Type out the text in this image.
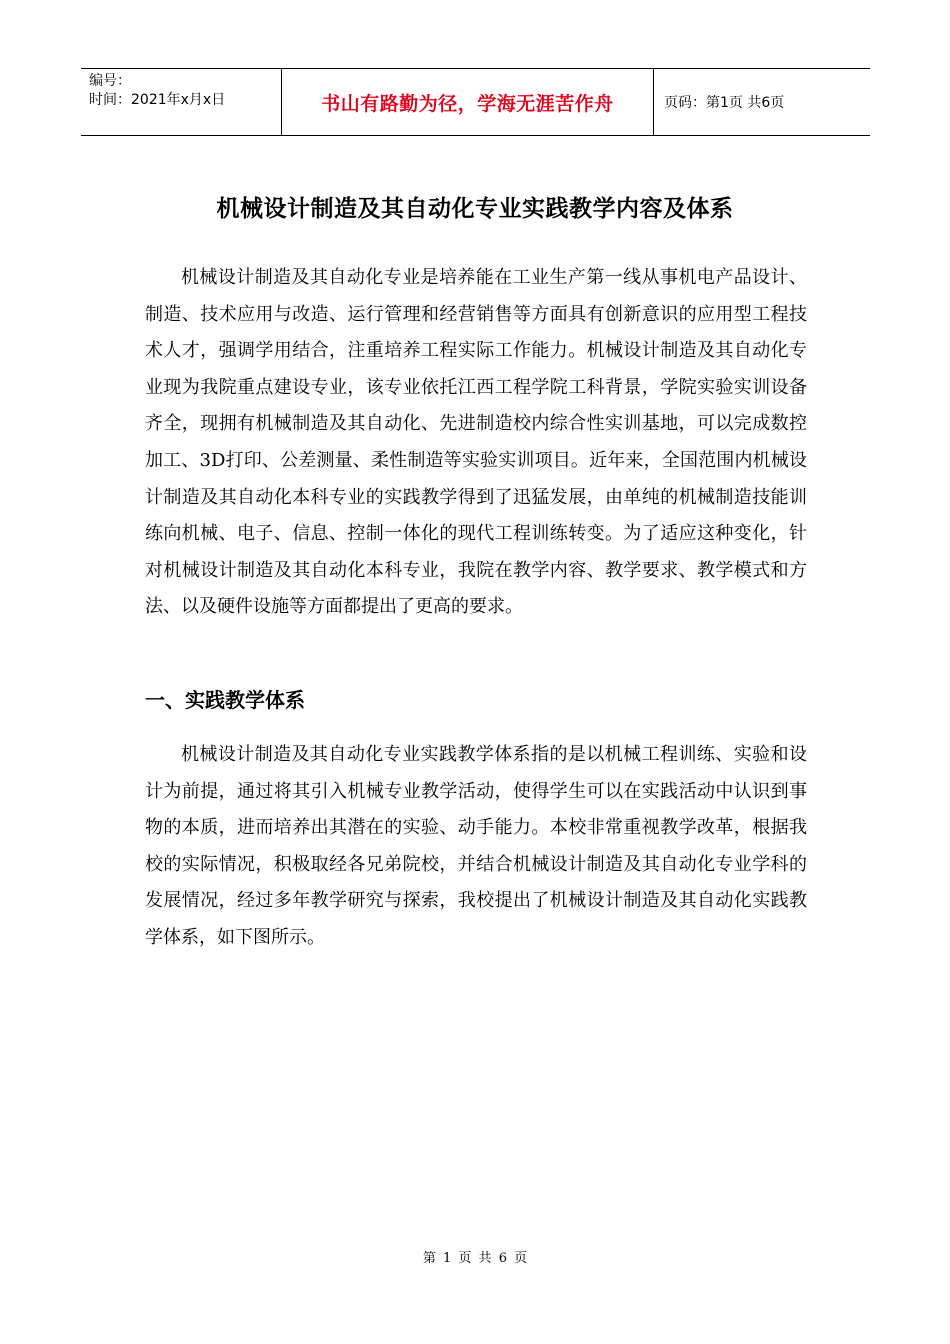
编号：
时间：2021年x月x日	书山有路勤为径，学海无涯苦作舟	页码：第1页 共6页
机械设计制造及其自动化专业实践教学内容及体系

机械设计制造及其自动化专业是培养能在工业生产第一线从事机电产品设计、制造、技术应用与改造、运行管理和经营销售等方面具有创新意识的应用型工程技术人才，强调学用结合，注重培养工程实际工作能力。机械设计制造及其自动化专业现为我院重点建设专业，该专业依托江西工程学院工科背景，学院实验实训设备齐全，现拥有机械制造及其自动化、先进制造校内综合性实训基地，可以完成数控加工、3D打印、公差测量、柔性制造等实验实训项目。近年来，全国范围内机械设计制造及其自动化本科专业的实践教学得到了迅猛发展，由单纯的机械制造技能训练向机械、电子、信息、控制一体化的现代工程训练转变。为了适应这种变化，针对机械设计制造及其自动化本科专业，我院在教学内容、教学要求、教学模式和方法、以及硬件设施等方面都提出了更高的要求。

一、实践教学体系

机械设计制造及其自动化专业实践教学体系指的是以机械工程训练、实验和设计为前提，通过将其引入机械专业教学活动，使得学生可以在实践活动中认识到事物的本质，进而培养出其潜在的实验、动手能力。本校非常重视教学改革，根据我校的实际情况，积极取经各兄弟院校，并结合机械设计制造及其自动化专业学科的发展情况，经过多年教学研究与探索，我校提出了机械设计制造及其自动化实践教学体系，如下图所示。

第 1 页 共 6 页
